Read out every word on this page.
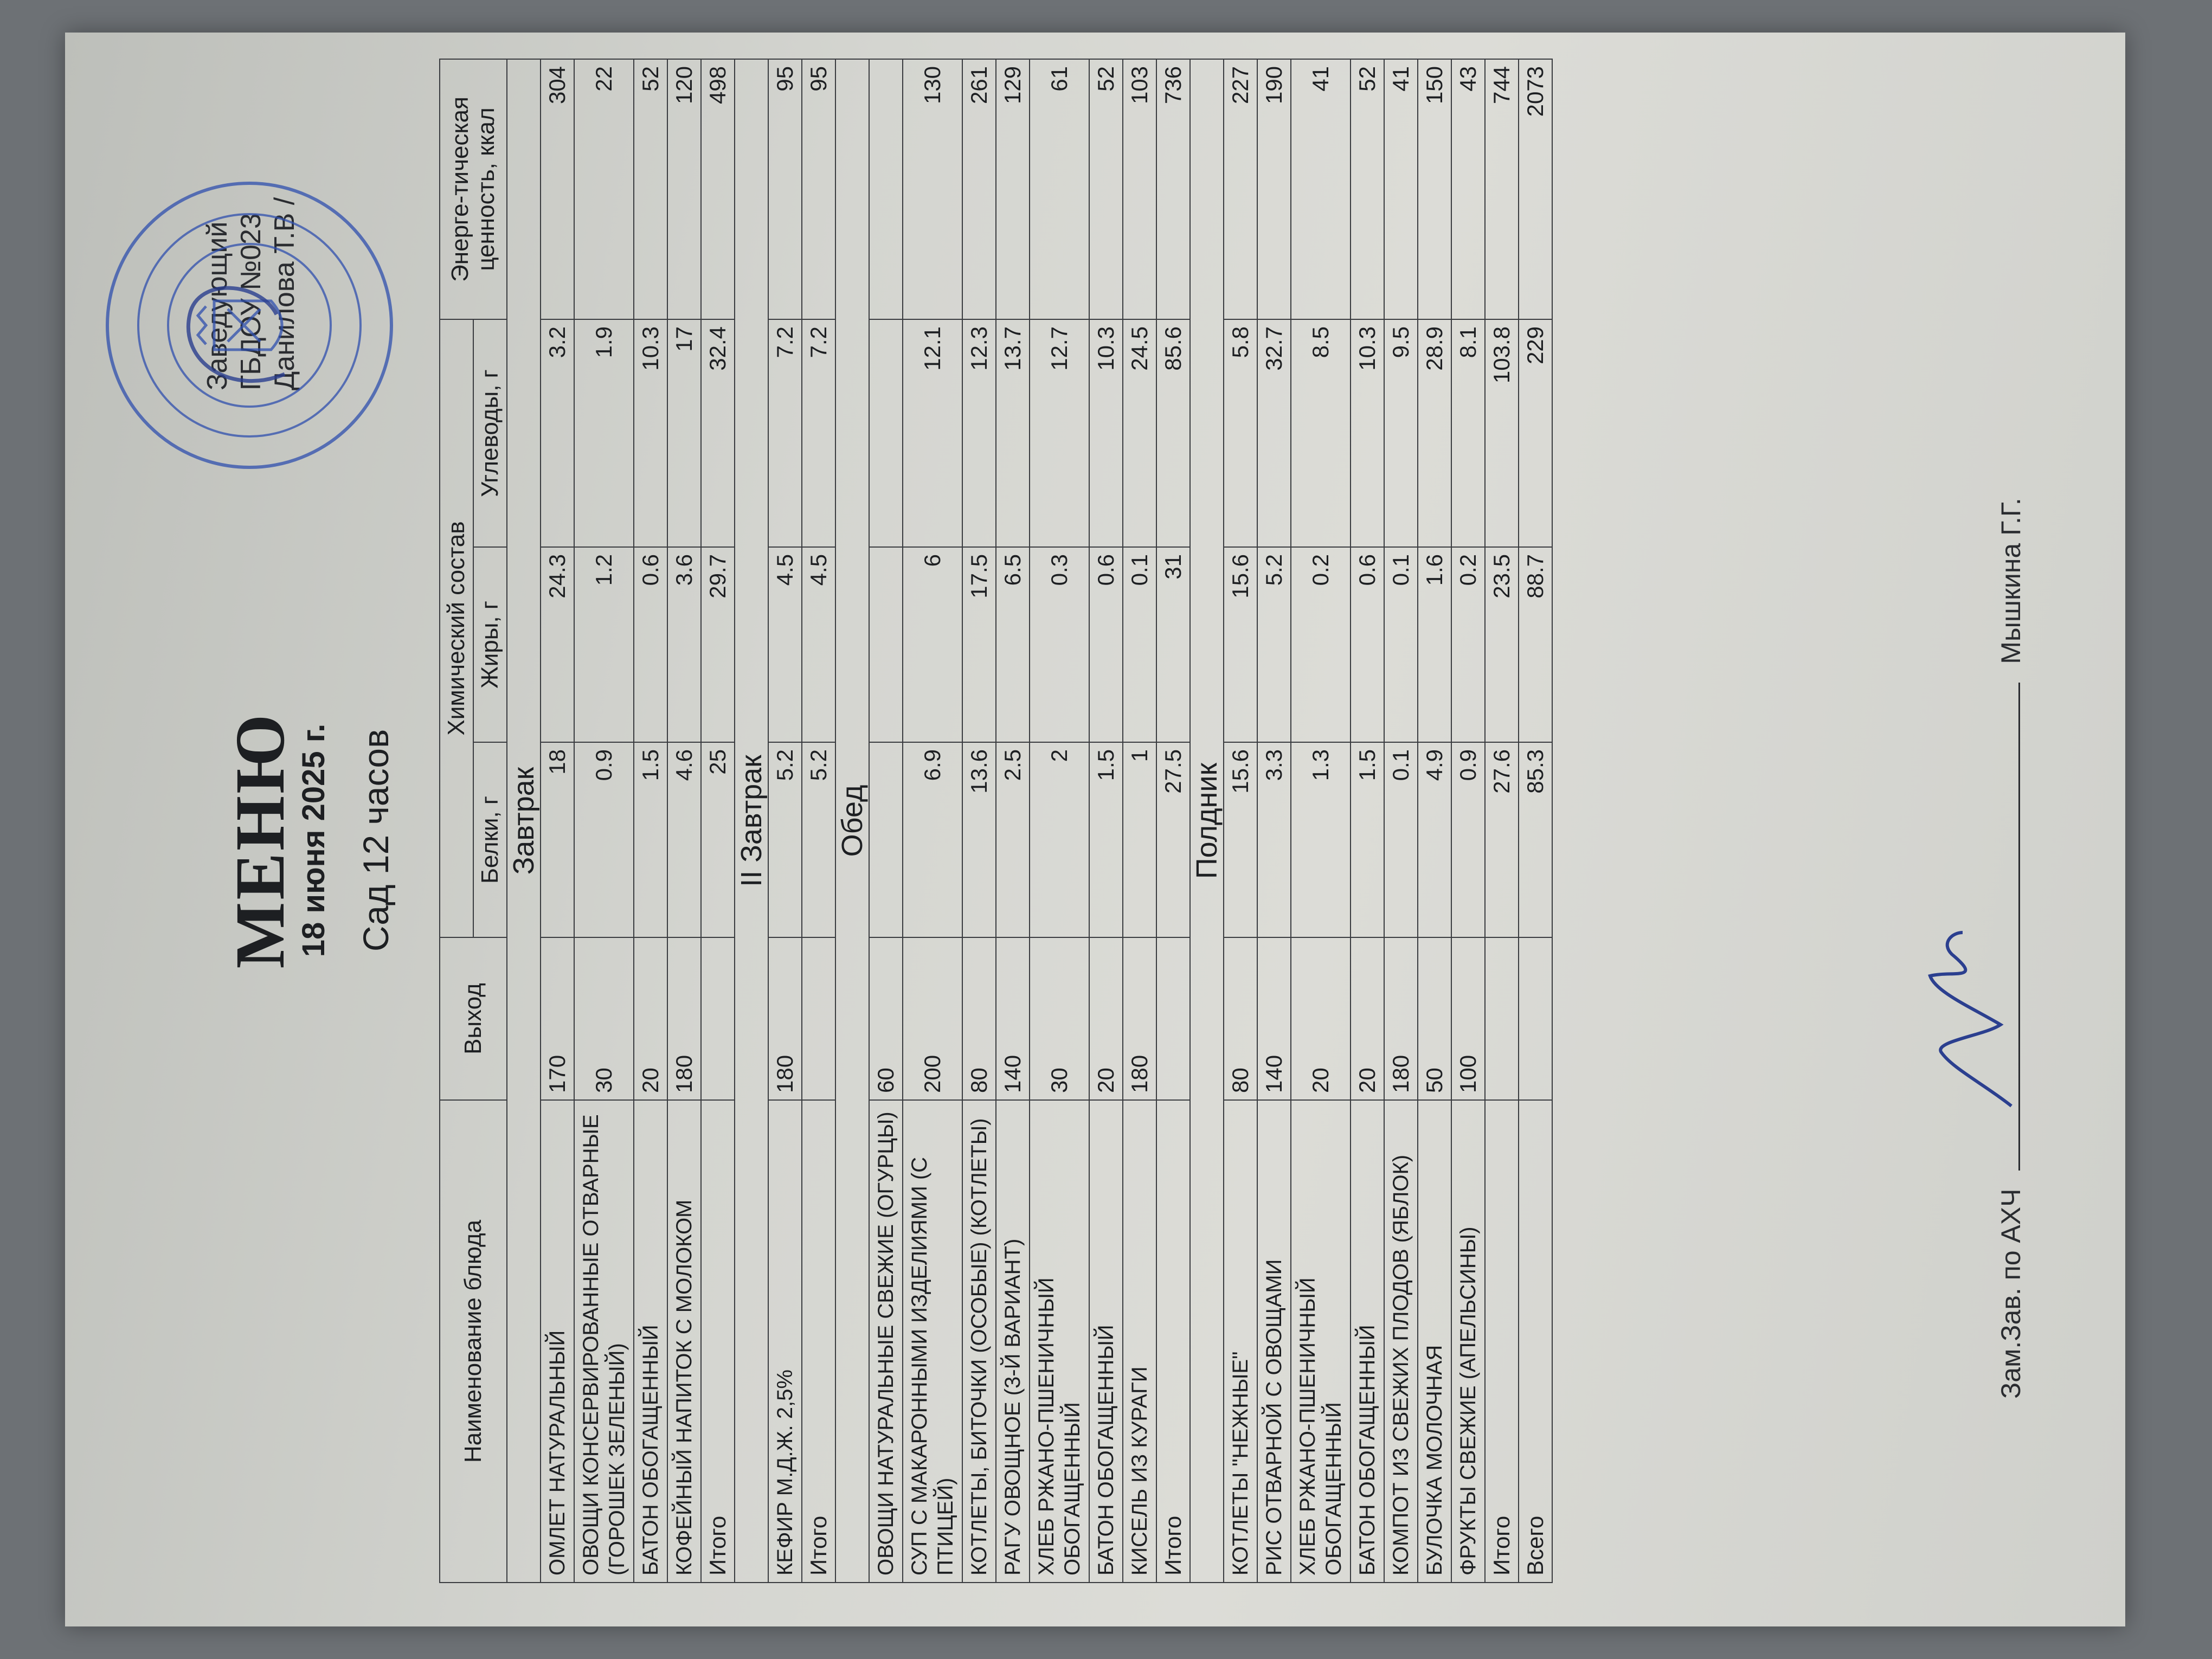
Заведующий ГБДОУ №023 Данилова Т.В /
МЕНЮ
18 июня 2025 г. Сад 12 часов
Наименование блюда	Выход	Химический состав			Энерге-тическая ценность, ккал
		Белки, г	Жиры, г	Углеводы, г	
Завтрак					
ОМЛЕТ НАТУРАЛЬНЫЙ	170	18	24.3	3.2	304
ОВОЩИ КОНСЕРВИРОВАННЫЕ ОТВАРНЫЕ (ГОРОШЕК ЗЕЛЕНЫЙ)	30	0.9	1.2	1.9	22
БАТОН ОБОГАЩЕННЫЙ	20	1.5	0.6	10.3	52
КОФЕЙНЫЙ НАПИТОК С МОЛОКОМ	180	4.6	3.6	17	120
Итого		25	29.7	32.4	498
II Завтрак					
КЕФИР М.Д.Ж. 2,5%	180	5.2	4.5	7.2	95
Итого		5.2	4.5	7.2	95
Обед					
ОВОЩИ НАТУРАЛЬНЫЕ СВЕЖИЕ (ОГУРЦЫ)	60				
СУП С МАКАРОННЫМИ ИЗДЕЛИЯМИ (С ПТИЦЕЙ)	200	6.9	6	12.1	130
КОТЛЕТЫ, БИТОЧКИ (ОСОБЫЕ) (КОТЛЕТЫ)	80	13.6	17.5	12.3	261
РАГУ ОВОЩНОЕ (3-Й ВАРИАНТ)	140	2.5	6.5	13.7	129
ХЛЕБ РЖАНО-ПШЕНИЧНЫЙ ОБОГАЩЕННЫЙ	30	2	0.3	12.7	61
БАТОН ОБОГАЩЕННЫЙ	20	1.5	0.6	10.3	52
КИСЕЛЬ ИЗ КУРАГИ	180	1	0.1	24.5	103
Итого		27.5	31	85.6	736
Полдник					
КОТЛЕТЫ "НЕЖНЫЕ"	80	15.6	15.6	5.8	227
РИС ОТВАРНОЙ С ОВОЩАМИ	140	3.3	5.2	32.7	190
ХЛЕБ РЖАНО-ПШЕНИЧНЫЙ ОБОГАЩЕННЫЙ	20	1.3	0.2	8.5	41
БАТОН ОБОГАЩЕННЫЙ	20	1.5	0.6	10.3	52
КОМПОТ ИЗ СВЕЖИХ ПЛОДОВ (ЯБЛОК)	180	0.1	0.1	9.5	41
БУЛОЧКА МОЛОЧНАЯ	50	4.9	1.6	28.9	150
ФРУКТЫ СВЕЖИЕ (АПЕЛЬСИНЫ)	100	0.9	0.2	8.1	43
Итого		27.6	23.5	103.8	744
Всего		85.3	88.7	229	2073
Зам.Зав. по АХЧ  Мышкина Г.Г.
